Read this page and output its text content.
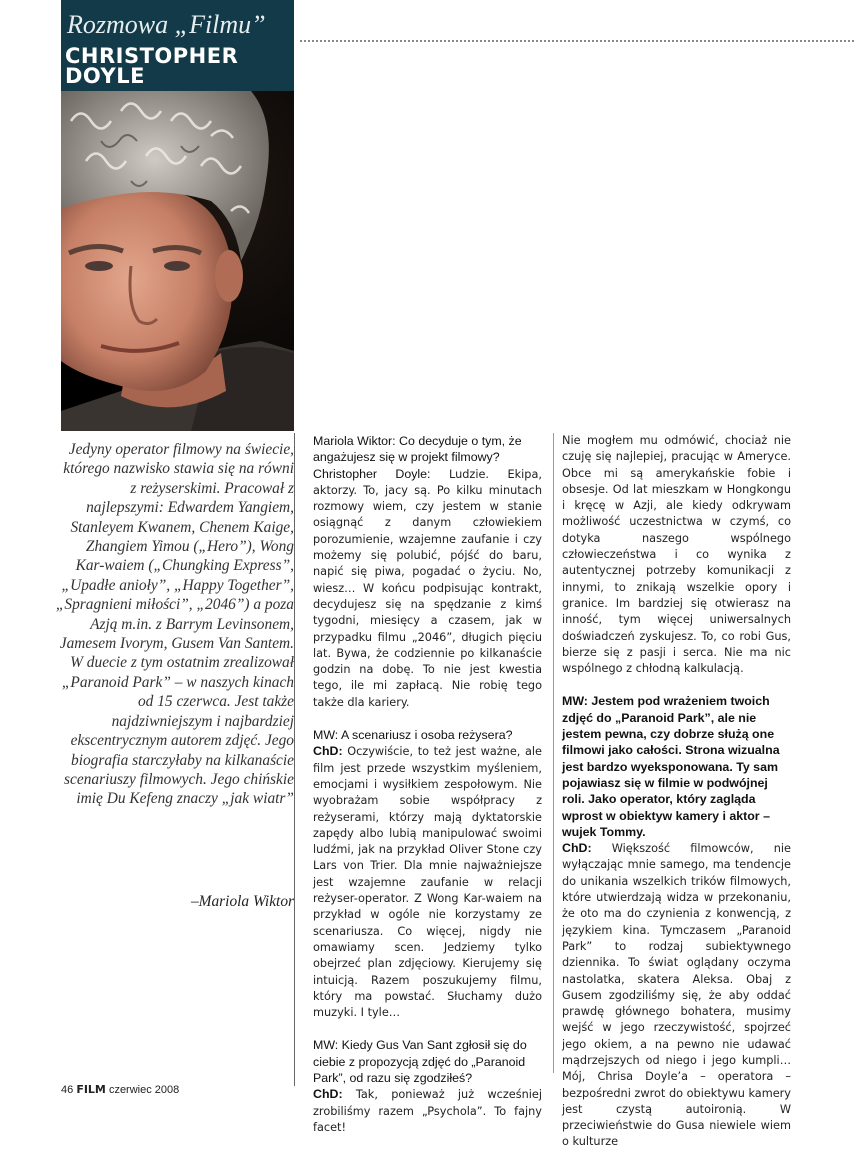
Rozmowa „Filmu”
CHRISTOPHER
DOYLE
Jedyny operator filmowy na świecie, którego nazwisko stawia się na równi z reżyserskimi. Pracował z najlepszymi: Edwardem Yangiem, Stanleyem Kwanem, Chenem Kaige, Zhangiem Yimou („Hero”), Wong Kar-waiem („Chungking Express”, „Upadłe anioły”, „Happy Together”, „Spragnieni miłości”, „2046”) a poza Azją m.in. z Barrym Levinsonem, Jamesem Ivorym, Gusem Van Santem. W duecie z tym ostatnim zrealizował „Paranoid Park” – w naszych kinach od 15 czerwca. Jest także najdziwniejszym i najbardziej ekscentrycznym autorem zdjęć. Jego biografia starczyłaby na kilkanaście scenariuszy filmowych. Jego chińskie imię Du Kefeng znaczy „jak wiatr”
–Mariola Wiktor

Mariola Wiktor: Co decyduje o tym, że angażujesz się w projekt filmowy?
Christopher Doyle: Ludzie. Ekipa, aktorzy. To, jacy są. Po kilku minutach rozmowy wiem, czy jestem w stanie osiągnąć z danym człowiekiem porozumienie, wzajemne zaufanie i czy możemy się polubić, pójść do baru, napić się piwa, pogadać o życiu. No, wiesz… W końcu podpisując kontrakt, decydujesz się na spędzanie z kimś tygodni, miesięcy a czasem, jak w przypadku filmu „2046”, długich pięciu lat. Bywa, że codziennie po kilkanaście godzin na dobę. To nie jest kwestia tego, ile mi zapłacą. Nie robię tego także dla kariery.

MW: A scenariusz i osoba reżysera?
ChD: Oczywiście, to też jest ważne, ale film jest przede wszystkim myśleniem, emocjami i wysiłkiem zespołowym. Nie wyobrażam sobie współpracy z reżyserami, którzy mają dyktatorskie zapędy albo lubią manipulować swoimi ludźmi, jak na przykład Oliver Stone czy Lars von Trier. Dla mnie najważniejsze jest wzajemne zaufanie w relacji reżyser-operator. Z Wong Kar-waiem na przykład w ogóle nie korzystamy ze scenariusza. Co więcej, nigdy nie omawiamy scen. Jedziemy tylko obejrzeć plan zdjęciowy. Kierujemy się intuicją. Razem poszukujemy filmu, który ma powstać. Słuchamy dużo muzyki. I tyle…

MW: Kiedy Gus Van Sant zgłosił się do ciebie z propozycją zdjęć do „Paranoid Park”, od razu się zgodziłeś?
ChD: Tak, ponieważ już wcześniej zrobiliśmy razem „Psychola”. To fajny facet!

Nie mogłem mu odmówić, chociaż nie czuję się najlepiej, pracując w Ameryce. Obce mi są amerykańskie fobie i obsesje. Od lat mieszkam w Hongkongu i kręcę w Azji, ale kiedy odkrywam możliwość uczestnictwa w czymś, co dotyka naszego wspólnego człowieczeństwa i co wynika z autentycznej potrzeby komunikacji z innymi, to znikają wszelkie opory i granice. Im bardziej się otwierasz na inność, tym więcej uniwersalnych doświadczeń zyskujesz. To, co robi Gus, bierze się z pasji i serca. Nie ma nic wspólnego z chłodną kalkulacją.

MW: Jestem pod wrażeniem twoich zdjęć do „Paranoid Park”, ale nie jestem pewna, czy dobrze służą one filmowi jako całości. Strona wizualna jest bardzo wyeksponowana. Ty sam pojawiasz się w filmie w podwójnej roli. Jako operator, który zagląda wprost w obiektyw kamery i aktor – wujek Tommy.
ChD: Większość filmowców, nie wyłączając mnie samego, ma tendencje do unikania wszelkich trików filmowych, które utwierdzają widza w przekonaniu, że oto ma do czynienia z konwencją, z językiem kina. Tymczasem „Paranoid Park” to rodzaj subiektywnego dziennika. To świat oglądany oczyma nastolatka, skatera Aleksa. Obaj z Gusem zgodziliśmy się, że aby oddać prawdę głównego bohatera, musimy wejść w jego rzeczywistość, spojrzeć jego okiem, a na pewno nie udawać mądrzejszych od niego i jego kumpli… Mój, Chrisa Doyle’a – operatora – bezpośredni zwrot do obiektywu kamery jest czystą autoironią. W przeciwieństwie do Gusa niewiele wiem o kulturze

46 FILM czerwiec 2008
